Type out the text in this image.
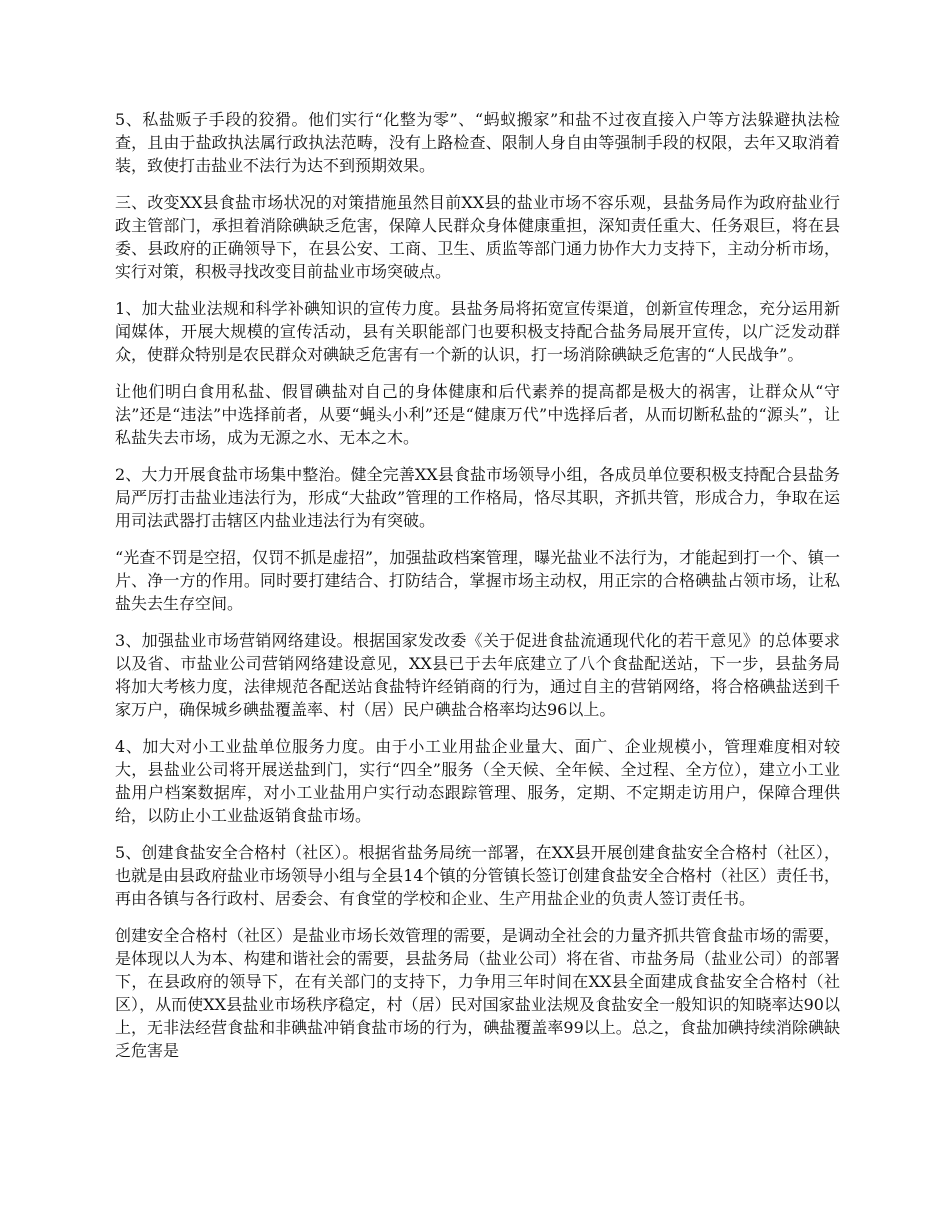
5、私盐贩子手段的狡猾。他们实行“化整为零”、“蚂蚁搬家”和盐不过夜直接入户等方法躲避执法检查，且由于盐政执法属行政执法范畴，没有上路检查、限制人身自由等强制手段的权限，去年又取消着装，致使打击盐业不法行为达不到预期效果。

三、改变XX县食盐市场状况的对策措施虽然目前XX县的盐业市场不容乐观，县盐务局作为政府盐业行政主管部门，承担着消除碘缺乏危害，保障人民群众身体健康重担，深知责任重大、任务艰巨，将在县委、县政府的正确领导下，在县公安、工商、卫生、质监等部门通力协作大力支持下，主动分析市场，实行对策，积极寻找改变目前盐业市场突破点。

1、加大盐业法规和科学补碘知识的宣传力度。县盐务局将拓宽宣传渠道，创新宣传理念，充分运用新闻媒体，开展大规模的宣传活动，县有关职能部门也要积极支持配合盐务局展开宣传，以广泛发动群众，使群众特别是农民群众对碘缺乏危害有一个新的认识，打一场消除碘缺乏危害的“人民战争”。

让他们明白食用私盐、假冒碘盐对自己的身体健康和后代素养的提高都是极大的祸害，让群众从“守法”还是“违法”中选择前者，从要“蝇头小利”还是“健康万代”中选择后者，从而切断私盐的“源头”，让私盐失去市场，成为无源之水、无本之木。

2、大力开展食盐市场集中整治。健全完善XX县食盐市场领导小组，各成员单位要积极支持配合县盐务局严厉打击盐业违法行为，形成“大盐政”管理的工作格局，恪尽其职，齐抓共管，形成合力，争取在运用司法武器打击辖区内盐业违法行为有突破。

“光查不罚是空招，仅罚不抓是虚招”，加强盐政档案管理，曝光盐业不法行为，才能起到打一个、镇一片、净一方的作用。同时要打建结合、打防结合，掌握市场主动权，用正宗的合格碘盐占领市场，让私盐失去生存空间。

3、加强盐业市场营销网络建设。根据国家发改委《关于促进食盐流通现代化的若干意见》的总体要求以及省、市盐业公司营销网络建设意见，XX县已于去年底建立了八个食盐配送站，下一步，县盐务局将加大考核力度，法律规范各配送站食盐特许经销商的行为，通过自主的营销网络，将合格碘盐送到千家万户，确保城乡碘盐覆盖率、村（居）民户碘盐合格率均达96以上。

4、加大对小工业盐单位服务力度。由于小工业用盐企业量大、面广、企业规模小，管理难度相对较大，县盐业公司将开展送盐到门，实行“四全”服务（全天候、全年候、全过程、全方位），建立小工业盐用户档案数据库，对小工业盐用户实行动态跟踪管理、服务，定期、不定期走访用户，保障合理供给，以防止小工业盐返销食盐市场。

5、创建食盐安全合格村（社区）。根据省盐务局统一部署，在XX县开展创建食盐安全合格村（社区），也就是由县政府盐业市场领导小组与全县14个镇的分管镇长签订创建食盐安全合格村（社区）责任书，再由各镇与各行政村、居委会、有食堂的学校和企业、生产用盐企业的负责人签订责任书。

创建安全合格村（社区）是盐业市场长效管理的需要，是调动全社会的力量齐抓共管食盐市场的需要，是体现以人为本、构建和谐社会的需要，县盐务局（盐业公司）将在省、市盐务局（盐业公司）的部署下，在县政府的领导下，在有关部门的支持下，力争用三年时间在XX县全面建成食盐安全合格村（社区），从而使XX县盐业市场秩序稳定，村（居）民对国家盐业法规及食盐安全一般知识的知晓率达90以上，无非法经营食盐和非碘盐冲销食盐市场的行为，碘盐覆盖率99以上。总之，食盐加碘持续消除碘缺乏危害是
